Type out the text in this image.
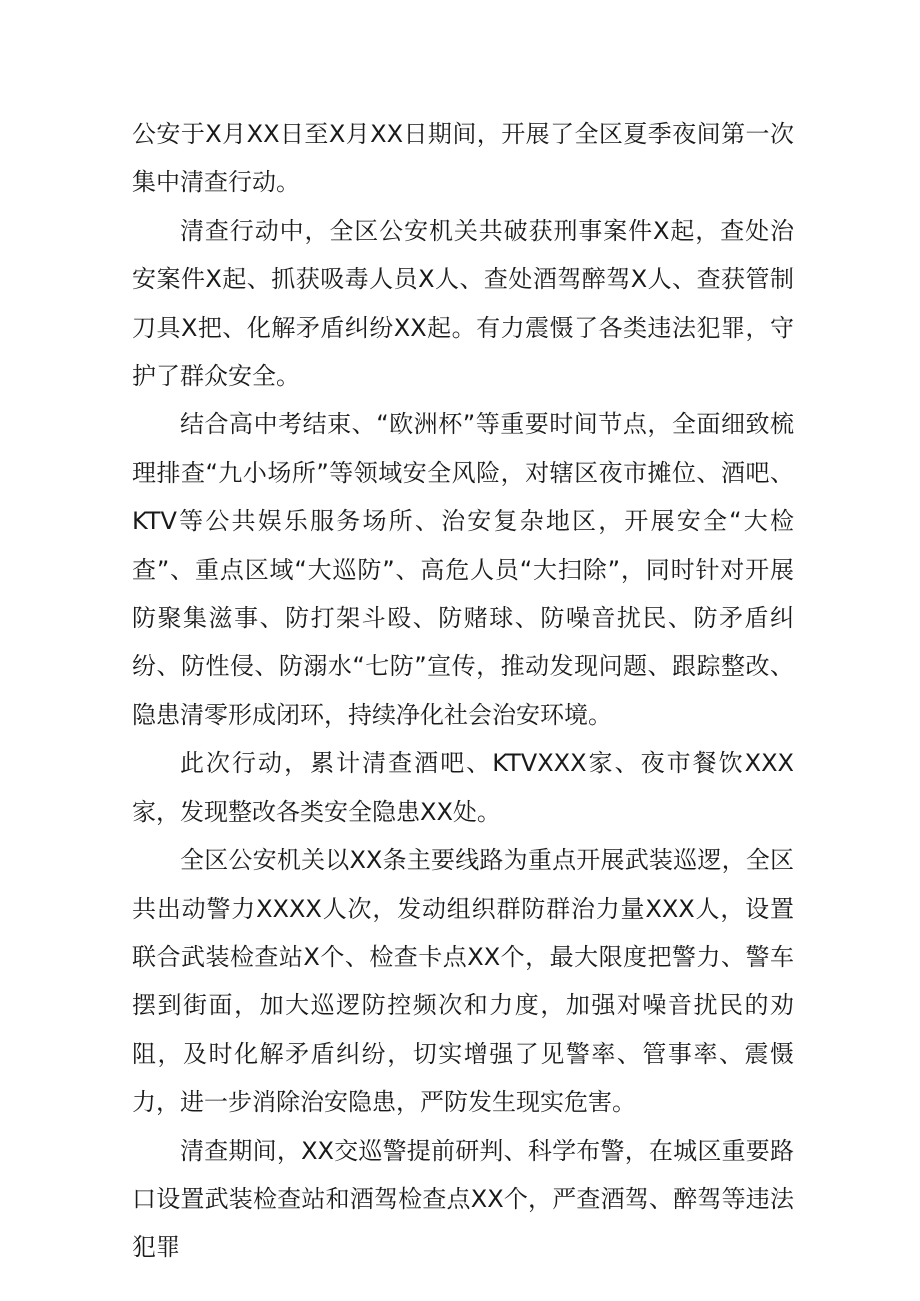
公安于X月XX日至X月XX日期间，开展了全区夏季夜间第一次集中清查行动。

清查行动中，全区公安机关共破获刑事案件X起，查处治安案件X起、抓获吸毒人员X人、查处酒驾醉驾X人、查获管制刀具X把、化解矛盾纠纷XX起。有力震慑了各类违法犯罪，守护了群众安全。

结合高中考结束、“欧洲杯”等重要时间节点，全面细致梳理排查“九小场所”等领域安全风险，对辖区夜市摊位、酒吧、KTV等公共娱乐服务场所、治安复杂地区，开展安全“大检查”、重点区域“大巡防”、高危人员“大扫除”，同时针对开展防聚集滋事、防打架斗殴、防赌球、防噪音扰民、防矛盾纠纷、防性侵、防溺水“七防”宣传，推动发现问题、跟踪整改、隐患清零形成闭环，持续净化社会治安环境。

此次行动，累计清查酒吧、KTVXXX家、夜市餐饮XXX家，发现整改各类安全隐患XX处。

全区公安机关以XX条主要线路为重点开展武装巡逻，全区共出动警力XXXX人次，发动组织群防群治力量XXX人，设置联合武装检查站X个、检查卡点XX个，最大限度把警力、警车摆到街面，加大巡逻防控频次和力度，加强对噪音扰民的劝阻，及时化解矛盾纠纷，切实增强了见警率、管事率、震慑力，进一步消除治安隐患，严防发生现实危害。

清查期间，XX交巡警提前研判、科学布警，在城区重要路口设置武装检查站和酒驾检查点XX个，严查酒驾、醉驾等违法犯罪
